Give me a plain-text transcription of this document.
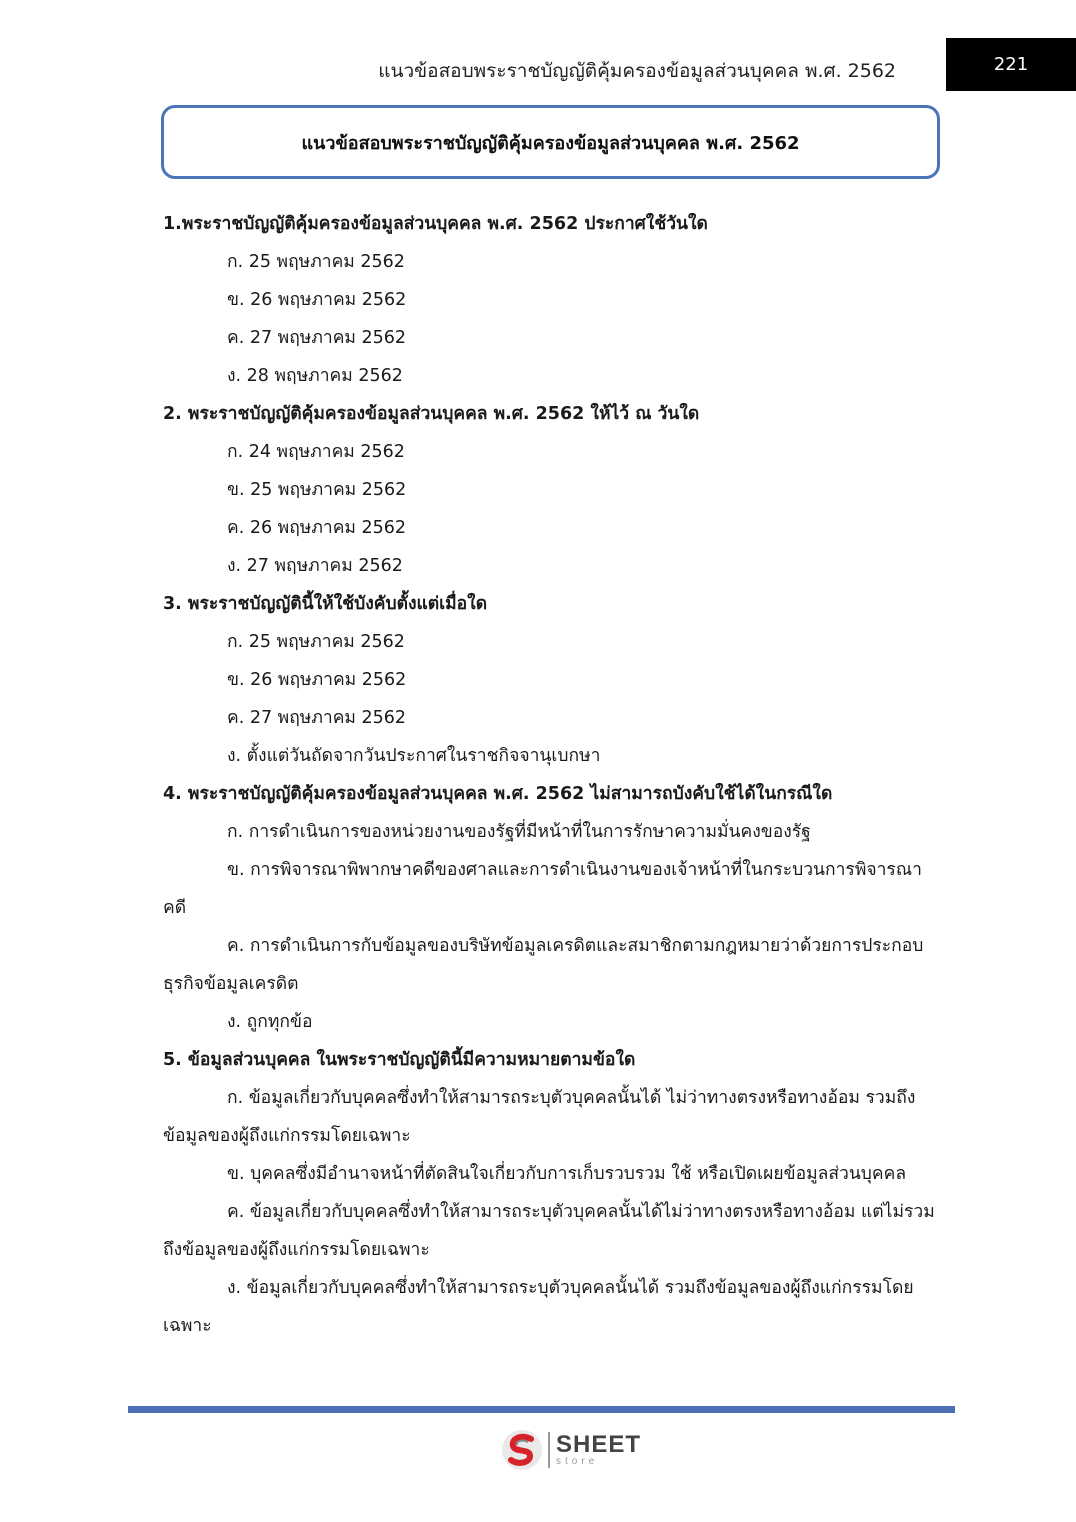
แนวข้อสอบพระราชบัญญัติคุ้มครองข้อมูลส่วนบุคคล พ.ศ. 2562	221
แนวข้อสอบพระราชบัญญัติคุ้มครองข้อมูลส่วนบุคคล พ.ศ. 2562
1.พระราชบัญญัติคุ้มครองข้อมูลส่วนบุคคล พ.ศ. 2562 ประกาศใช้วันใด
ก. 25 พฤษภาคม 2562
ข. 26 พฤษภาคม 2562
ค. 27 พฤษภาคม 2562
ง. 28 พฤษภาคม 2562
2. พระราชบัญญัติคุ้มครองข้อมูลส่วนบุคคล พ.ศ. 2562 ให้ไว้ ณ วันใด
ก. 24 พฤษภาคม 2562
ข. 25 พฤษภาคม 2562
ค. 26 พฤษภาคม 2562
ง. 27 พฤษภาคม 2562
3. พระราชบัญญัตินี้ให้ใช้บังคับตั้งแต่เมื่อใด
ก. 25 พฤษภาคม 2562
ข. 26 พฤษภาคม 2562
ค. 27 พฤษภาคม 2562
ง. ตั้งแต่วันถัดจากวันประกาศในราชกิจจานุเบกษา
4. พระราชบัญญัติคุ้มครองข้อมูลส่วนบุคคล พ.ศ. 2562 ไม่สามารถบังคับใช้ได้ในกรณีใด
ก. การดำเนินการของหน่วยงานของรัฐที่มีหน้าที่ในการรักษาความมั่นคงของรัฐ
ข. การพิจารณาพิพากษาคดีของศาลและการดำเนินงานของเจ้าหน้าที่ในกระบวนการพิจารณาคดี
ค. การดำเนินการกับข้อมูลของบริษัทข้อมูลเครดิตและสมาชิกตามกฎหมายว่าด้วยการประกอบธุรกิจข้อมูลเครดิต
ง. ถูกทุกข้อ
5. ข้อมูลส่วนบุคคล ในพระราชบัญญัตินี้มีความหมายตามข้อใด
ก. ข้อมูลเกี่ยวกับบุคคลซึ่งทำให้สามารถระบุตัวบุคคลนั้นได้ ไม่ว่าทางตรงหรือทางอ้อม รวมถึงข้อมูลของผู้ถึงแก่กรรมโดยเฉพาะ
ข. บุคคลซึ่งมีอำนาจหน้าที่ตัดสินใจเกี่ยวกับการเก็บรวบรวม ใช้ หรือเปิดเผยข้อมูลส่วนบุคคล
ค. ข้อมูลเกี่ยวกับบุคคลซึ่งทำให้สามารถระบุตัวบุคคลนั้นได้ไม่ว่าทางตรงหรือทางอ้อม แต่ไม่รวมถึงข้อมูลของผู้ถึงแก่กรรมโดยเฉพาะ
ง. ข้อมูลเกี่ยวกับบุคคลซึ่งทำให้สามารถระบุตัวบุคคลนั้นได้ รวมถึงข้อมูลของผู้ถึงแก่กรรมโดยเฉพาะ
SHEET
store
